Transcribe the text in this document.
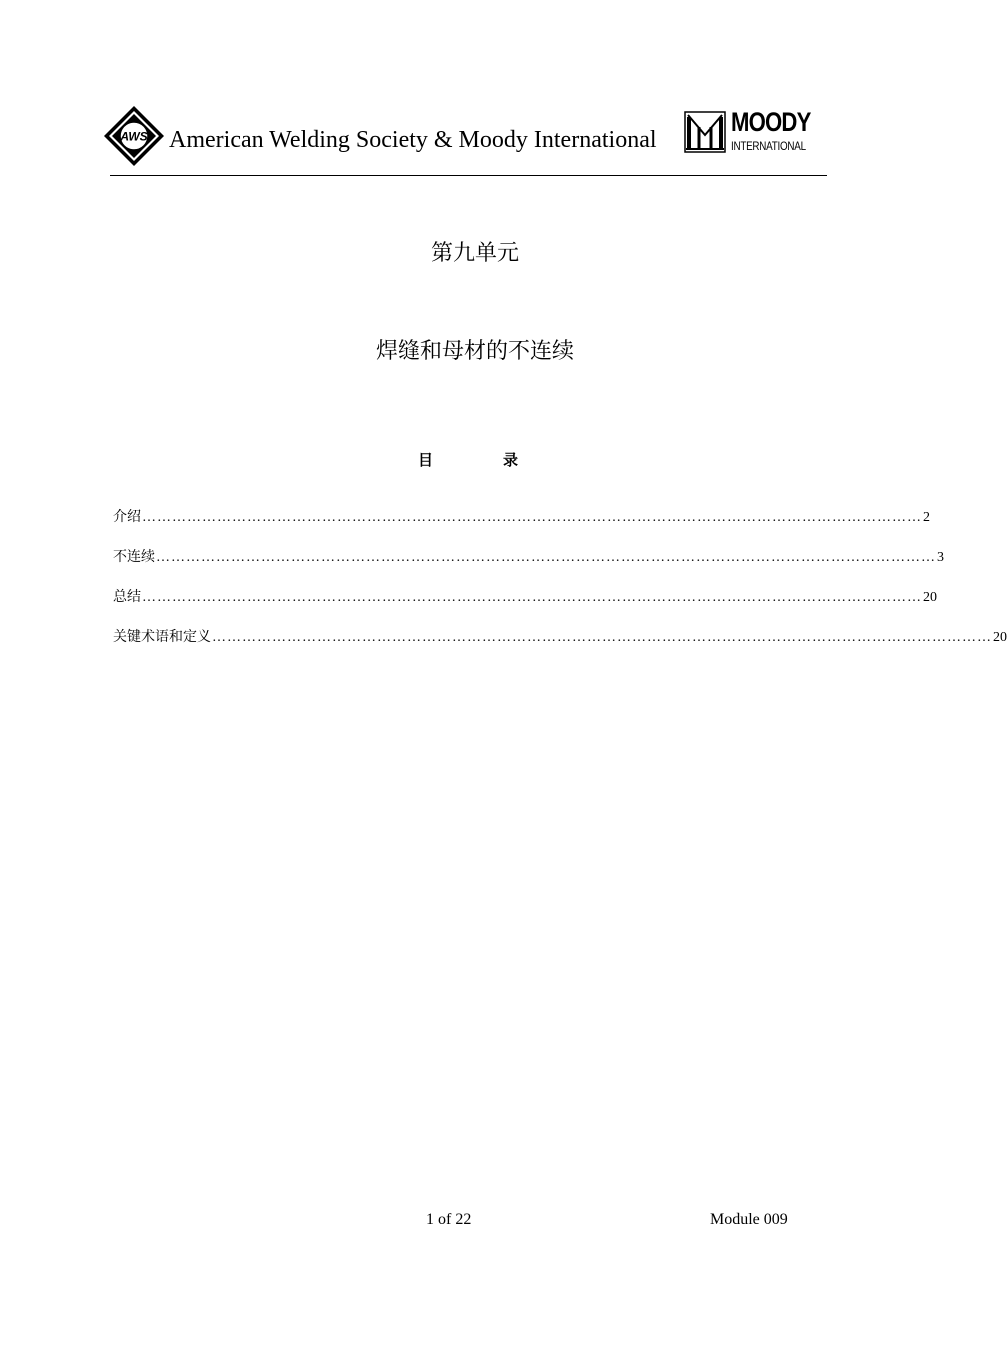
AWS American Welding Society & Moody International
MOODY
INTERNATIONAL
第九单元
焊缝和母材的不连续
目	录
介绍 ………………………………………………………………………………………………………………………………………… 2
不连续 ………………………………………………………………………………………………………………………………………… 3
总结 ………………………………………………………………………………………………………………………………………… 20
关键术语和定义 ………………………………………………………………………………………………………………………………………… 20
1 of 22	Module 009
